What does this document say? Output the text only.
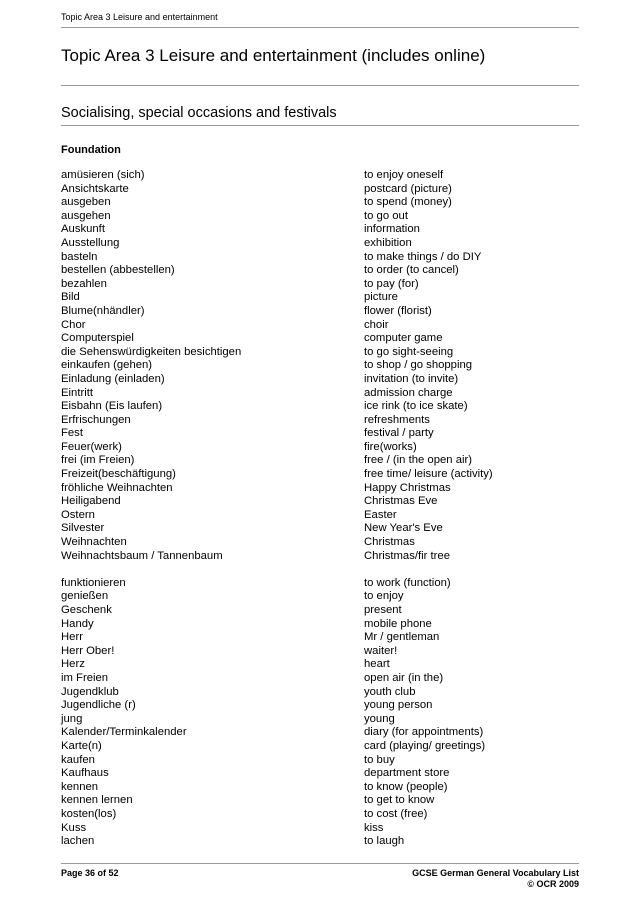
Topic Area 3 Leisure and entertainment
Topic Area 3 Leisure and entertainment (includes online)
Socialising, special occasions and festivals
Foundation
amüsieren (sich)	to enjoy oneself
Ansichtskarte	postcard (picture)
ausgeben	to spend (money)
ausgehen	to go out
Auskunft	information
Ausstellung	exhibition
basteln	to make things / do DIY
bestellen (abbestellen)	to order (to cancel)
bezahlen	to pay (for)
Bild	picture
Blume(nhändler)	flower (florist)
Chor	choir
Computerspiel	computer game
die Sehenswürdigkeiten besichtigen	to go sight-seeing
einkaufen (gehen)	to shop / go shopping
Einladung (einladen)	invitation (to invite)
Eintritt	admission charge
Eisbahn (Eis laufen)	ice rink (to ice skate)
Erfrischungen	refreshments
Fest	festival / party
Feuer(werk)	fire(works)
frei (im Freien)	free / (in the open air)
Freizeit(beschäftigung)	free time/ leisure (activity)
fröhliche Weihnachten	Happy Christmas
Heiligabend	Christmas Eve
Ostern	Easter
Silvester	New Year's Eve
Weihnachten	Christmas
Weihnachtsbaum / Tannenbaum	Christmas/fir tree
funktionieren	to work (function)
genießen	to enjoy
Geschenk	present
Handy	mobile phone
Herr	Mr / gentleman
Herr Ober!	waiter!
Herz	heart
im Freien	open air (in the)
Jugendklub	youth club
Jugendliche (r)	young person
jung	young
Kalender/Terminkalender	diary (for appointments)
Karte(n)	card (playing/ greetings)
kaufen	to buy
Kaufhaus	department store
kennen	to know (people)
kennen lernen	to get to know
kosten(los)	to cost (free)
Kuss	kiss
lachen	to laugh
Page 36 of 52	GCSE German General Vocabulary List
© OCR 2009
